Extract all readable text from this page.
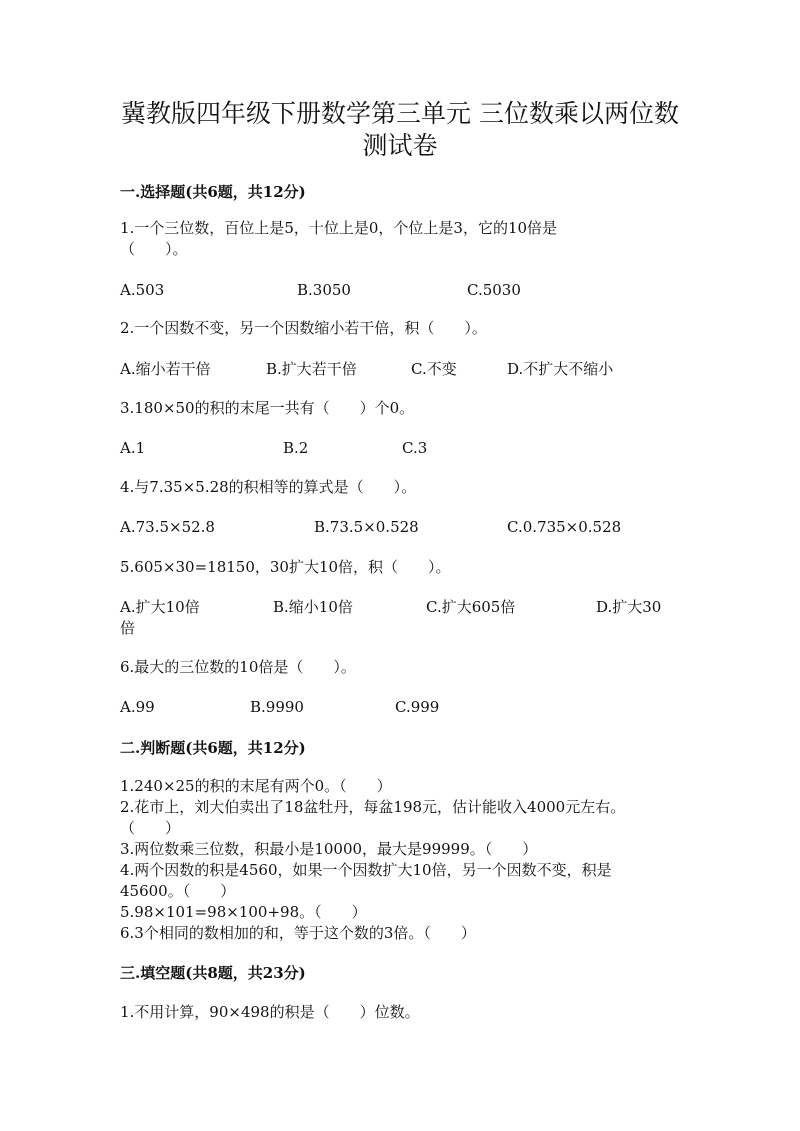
冀教版四年级下册数学第三单元 三位数乘以两位数
测试卷

一.选择题(共6题，共12分)

1.一个三位数，百位上是5，十位上是0，个位上是3，它的10倍是

（　　）。

A.503	B.3050	C.5030

2.一个因数不变，另一个因数缩小若干倍，积（　　）。

A.缩小若干倍	B.扩大若干倍	C.不变	D.不扩大不缩小

3.180×50的积的末尾一共有（　　）个0。

A.1	B.2	C.3

4.与7.35×5.28的积相等的算式是（　　）。

A.73.5×52.8	B.73.5×0.528	C.0.735×0.528

5.605×30=18150，30扩大10倍，积（　　）。

A.扩大10倍	B.缩小10倍	C.扩大605倍	D.扩大30

倍

6.最大的三位数的10倍是（　　）。

A.99	B.9990	C.999

二.判断题(共6题，共12分)

1.240×25的积的末尾有两个0。（　　）

2.花市上，刘大伯卖出了18盆牡丹，每盆198元，估计能收入4000元左右。

（　　）

3.两位数乘三位数，积最小是10000，最大是99999。（　　）

4.两个因数的积是4560，如果一个因数扩大10倍，另一个因数不变，积是

45600。（　　）

5.98×101=98×100+98。（　　）

6.3个相同的数相加的和，等于这个数的3倍。（　　）

三.填空题(共8题，共23分)

1.不用计算，90×498的积是（　　）位数。
